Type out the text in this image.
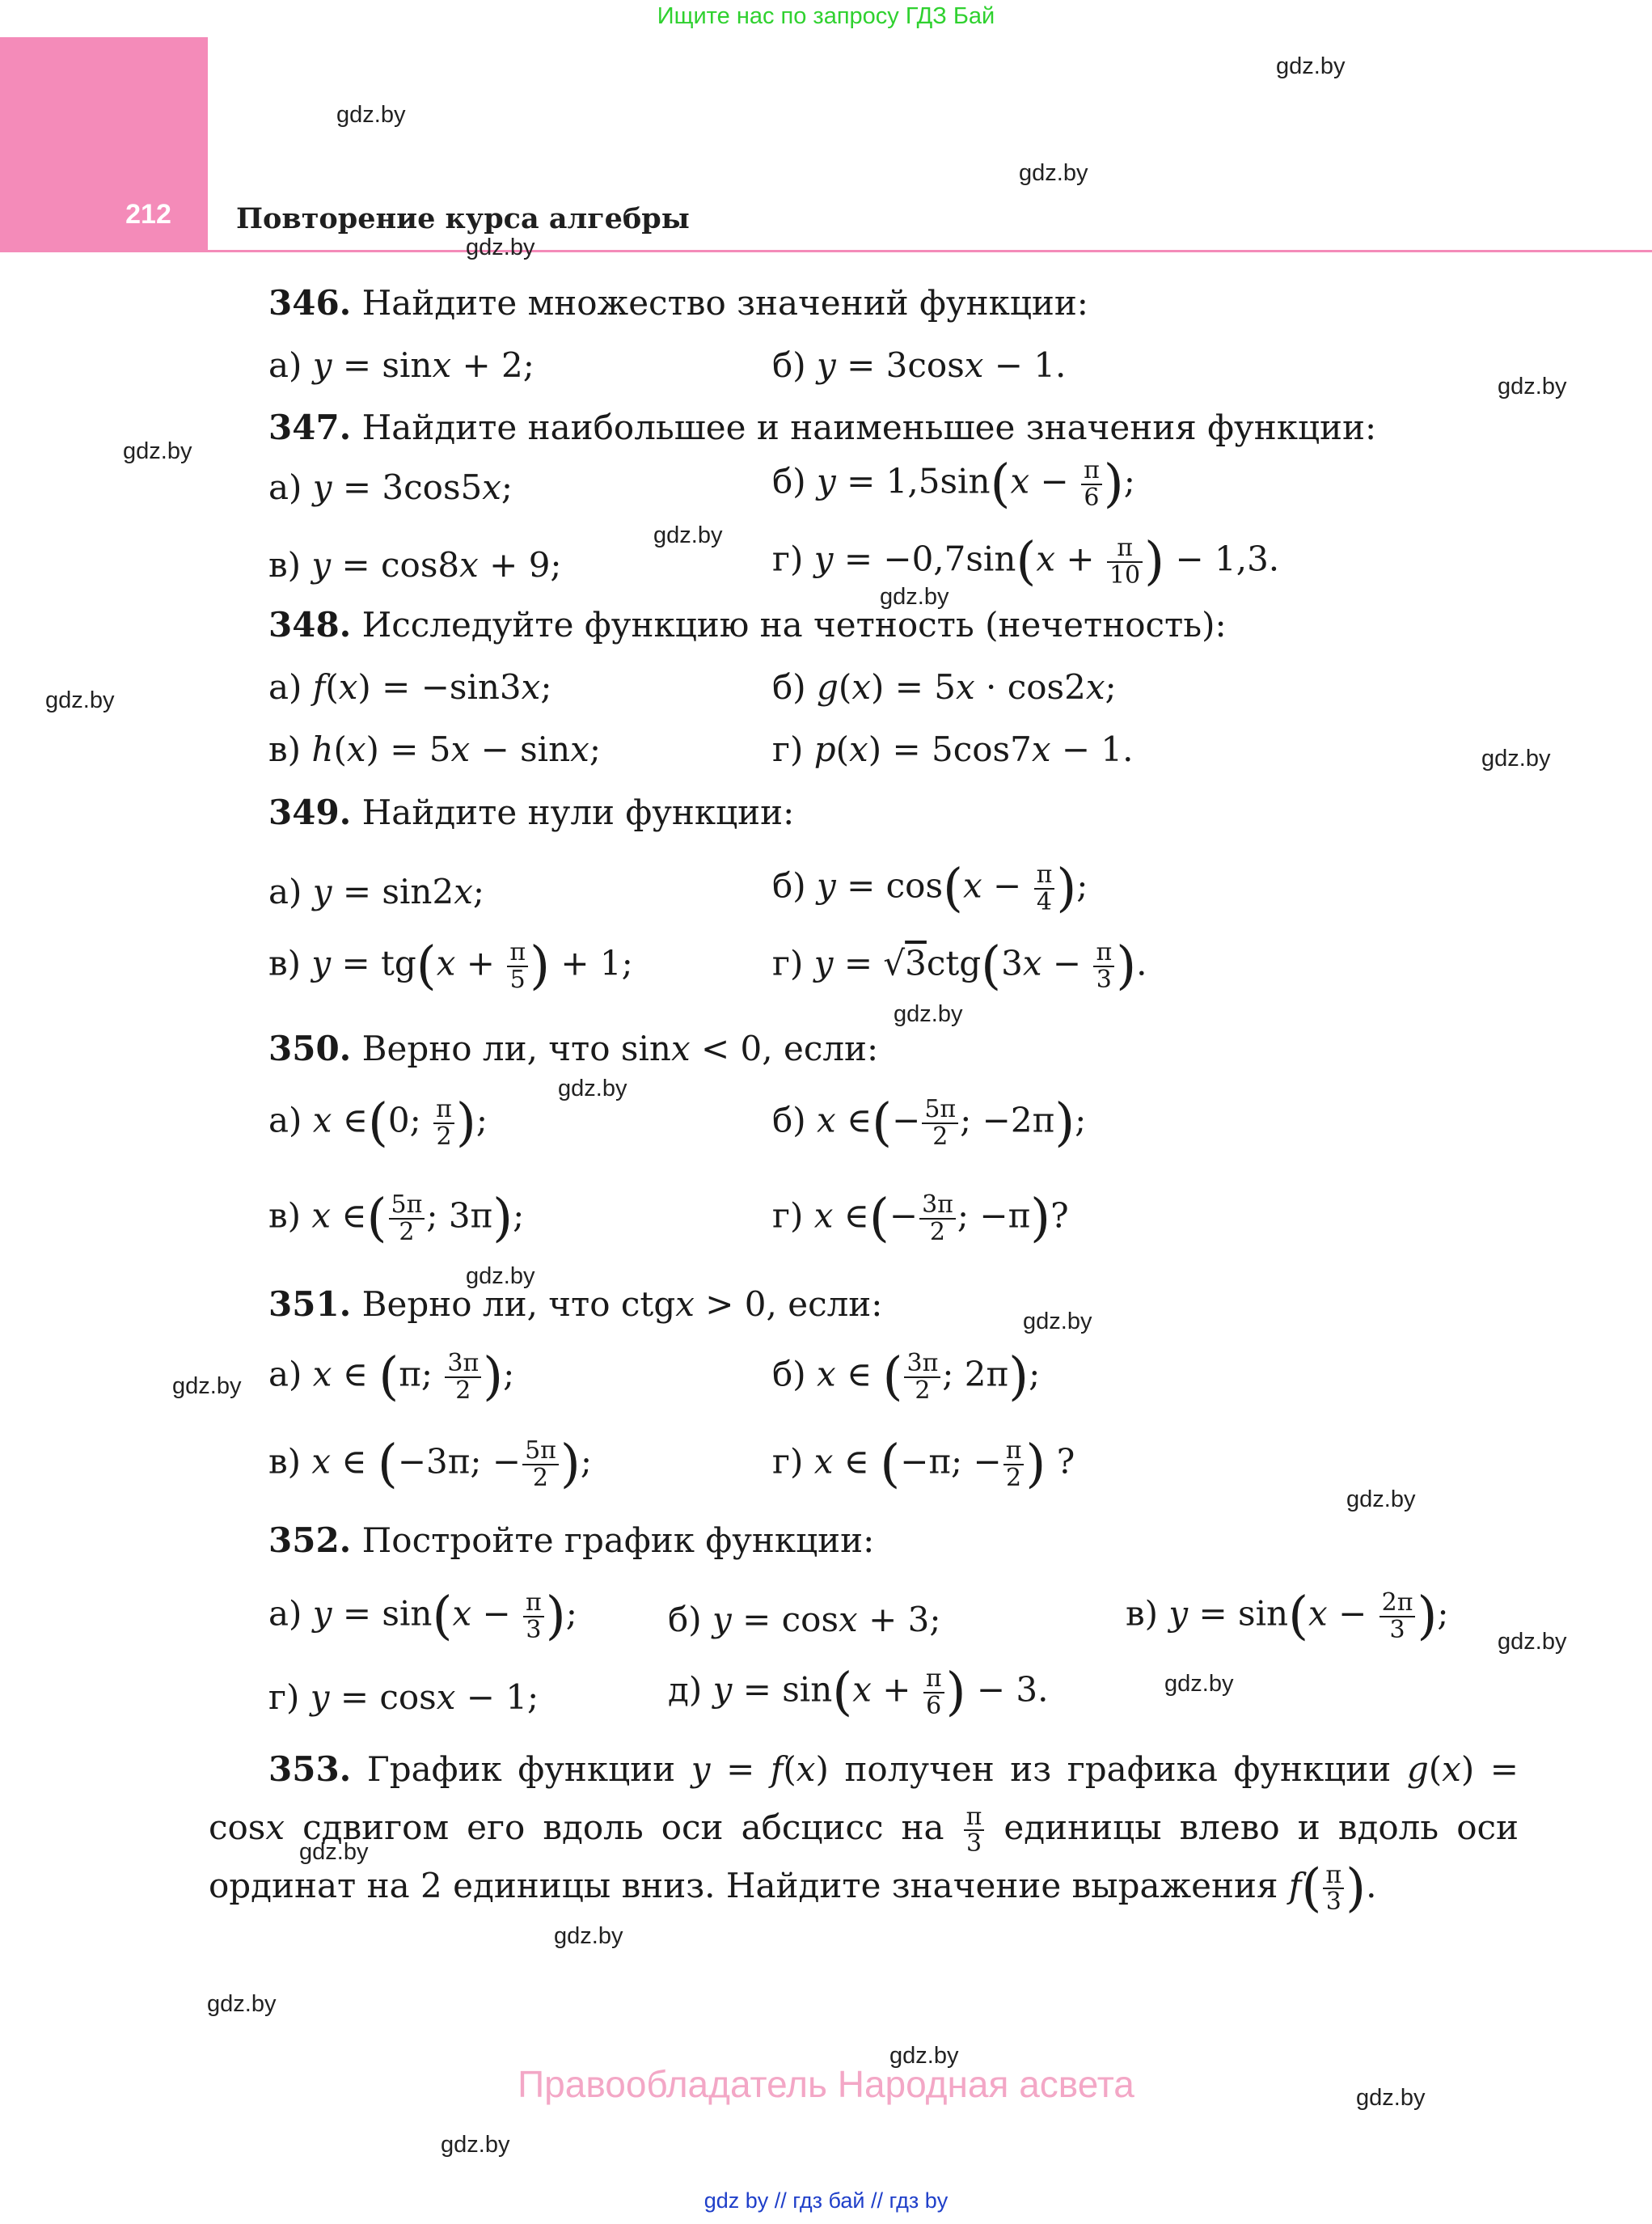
Ищите нас по запросу ГДЗ Бай
212	Повторение курса алгебры
gdz.by
gdz.by
gdz.by
gdz.by
gdz.by
gdz.by
gdz.by
gdz.by
gdz.by
gdz.by
gdz.by
gdz.by
gdz.by
gdz.by
gdz.by
gdz.by
gdz.by
gdz.by
gdz.by
gdz.by
gdz.by
gdz.by
gdz.by
gdz.by
346. Найдите множество значений функции:
а) y = sinx + 2;	б) y = 3cosx − 1.
347. Найдите наибольшее и наименьшее значения функции:
а) y = 3cos5x;	б) $y = 1,5\sin(x - \frac{\pi}{6}$ );
в) y = cos8x + 9;	г) $y = -0,7\sin(x + \frac{\pi}{10}$ ) − 1,3.
348. Исследуйте функцию на четность (нечетность):
а) f(x) = −sin3x;	б) g(x) = 5x · cos2x;
в) h(x) = 5x − sinx;	г) p(x) = 5cos7x − 1.
349. Найдите нули функции:
а) y = sin2x;	б) $y = \cos(x - \frac{\pi}{4}$ );
в) $y = tg(x + \frac{\pi}{5}$ ) + 1;	г) $y = √3ctg(3x - \frac{\pi}{3}$ ).
350. Верно ли, что sinx < 0, если:
а) x ∈(0; $\frac{\pi}{2}$ );	б) x ∈(− $\frac{5\pi}{2}$ ; −2π);
в) x ∈( $\frac{5\pi}{2}$ ; 3π);	г) x ∈(− $\frac{3\pi}{2}$ ; −π)?
351. Верно ли, что ctgx > 0, если:
а) x ∈ (π; $\frac{3\pi}{2}$ );	б) x ∈ ( $\frac{3\pi}{2}$ ; 2π);
в) x ∈ (−3π; − $\frac{5\pi}{2}$ );	г) x ∈ (−π; − $\frac{\pi}{2}$ ) ?
352. Постройте график функции:
а) $y = \sin(x - \frac{\pi}{3}$ );	б) y = cosx + 3;	в) $y = \sin(x - \frac{2\pi}{3}$ );
г) y = cosx − 1;	д) $y = \sin(x + \frac{\pi}{6}$ ) − 3.
353. График функции y = f(x) получен из графика функции g(x) = cosx сдвигом его вдоль оси абсцисс на $\frac{\pi}{3}$ единицы влево и вдоль оси ординат на 2 единицы вниз. Найдите значение выражения $f( \frac{\pi}{3}$ ).
Правообладатель Народная асвета
gdz by // гдз бай // гдз by
